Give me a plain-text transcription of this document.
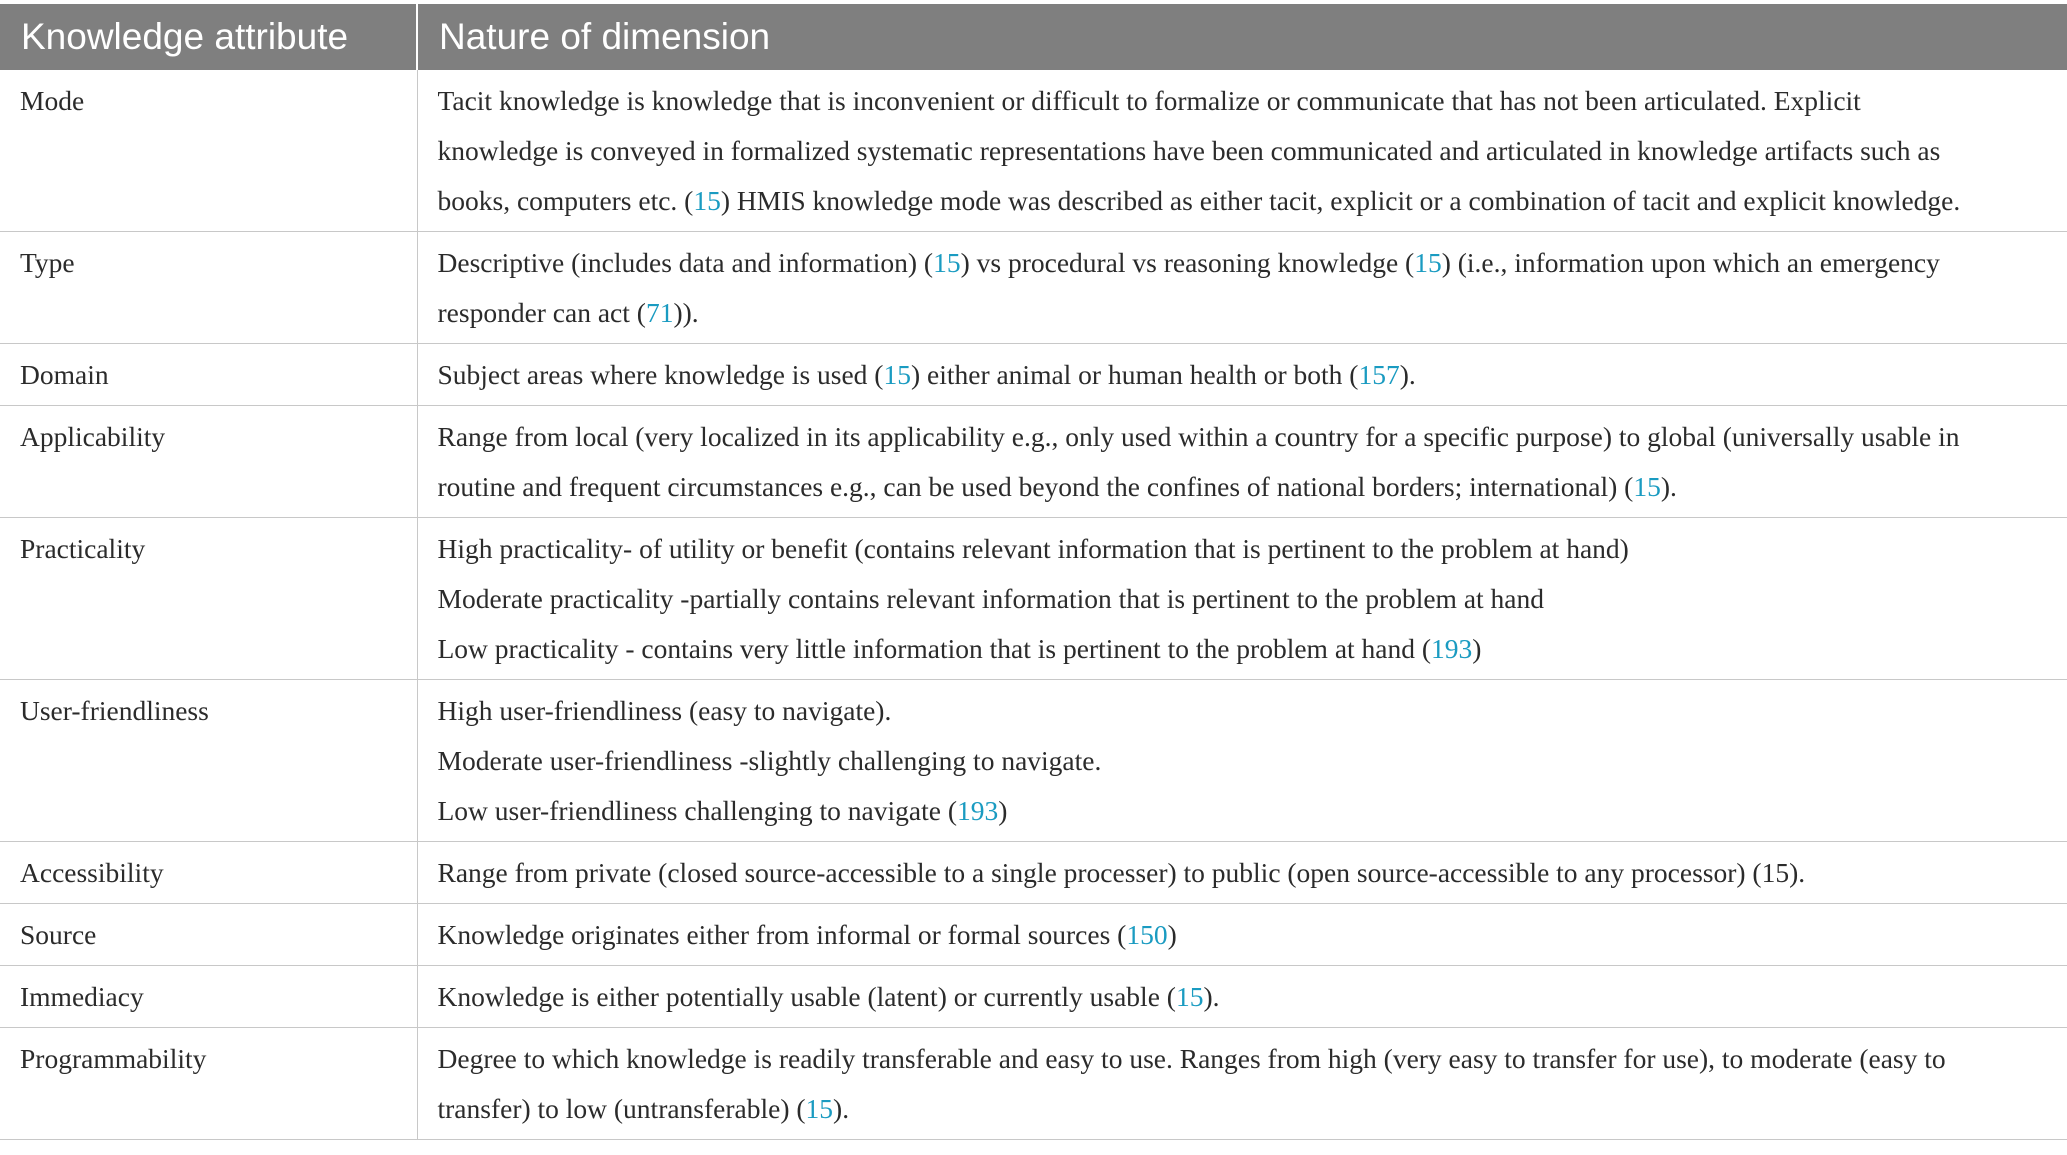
Knowledge attribute	Nature of dimension
Mode	Tacit knowledge is knowledge that is inconvenient or difficult to formalize or communicate that has not been articulated. Explicit
knowledge is conveyed in formalized systematic representations have been communicated and articulated in knowledge artifacts such as
books, computers etc. (15) HMIS knowledge mode was described as either tacit, explicit or a combination of tacit and explicit knowledge.

Type	Descriptive (includes data and information) (15) vs procedural vs reasoning knowledge (15) (i.e., information upon which an emergency
responder can act (71)).

Domain	Subject areas where knowledge is used (15) either animal or human health or both (157).

Applicability	Range from local (very localized in its applicability e.g., only used within a country for a specific purpose) to global (universally usable in
routine and frequent circumstances e.g., can be used beyond the confines of national borders; international) (15).

Practicality	High practicality- of utility or benefit (contains relevant information that is pertinent to the problem at hand)
Moderate practicality -partially contains relevant information that is pertinent to the problem at hand
Low practicality - contains very little information that is pertinent to the problem at hand (193)

User-friendliness	High user-friendliness (easy to navigate).
Moderate user-friendliness -slightly challenging to navigate.
Low user-friendliness challenging to navigate (193)

Accessibility	Range from private (closed source-accessible to a single processer) to public (open source-accessible to any processor) (15).

Source	Knowledge originates either from informal or formal sources (150)

Immediacy	Knowledge is either potentially usable (latent) or currently usable (15).

Programmability	Degree to which knowledge is readily transferable and easy to use. Ranges from high (very easy to transfer for use), to moderate (easy to
transfer) to low (untransferable) (15).
